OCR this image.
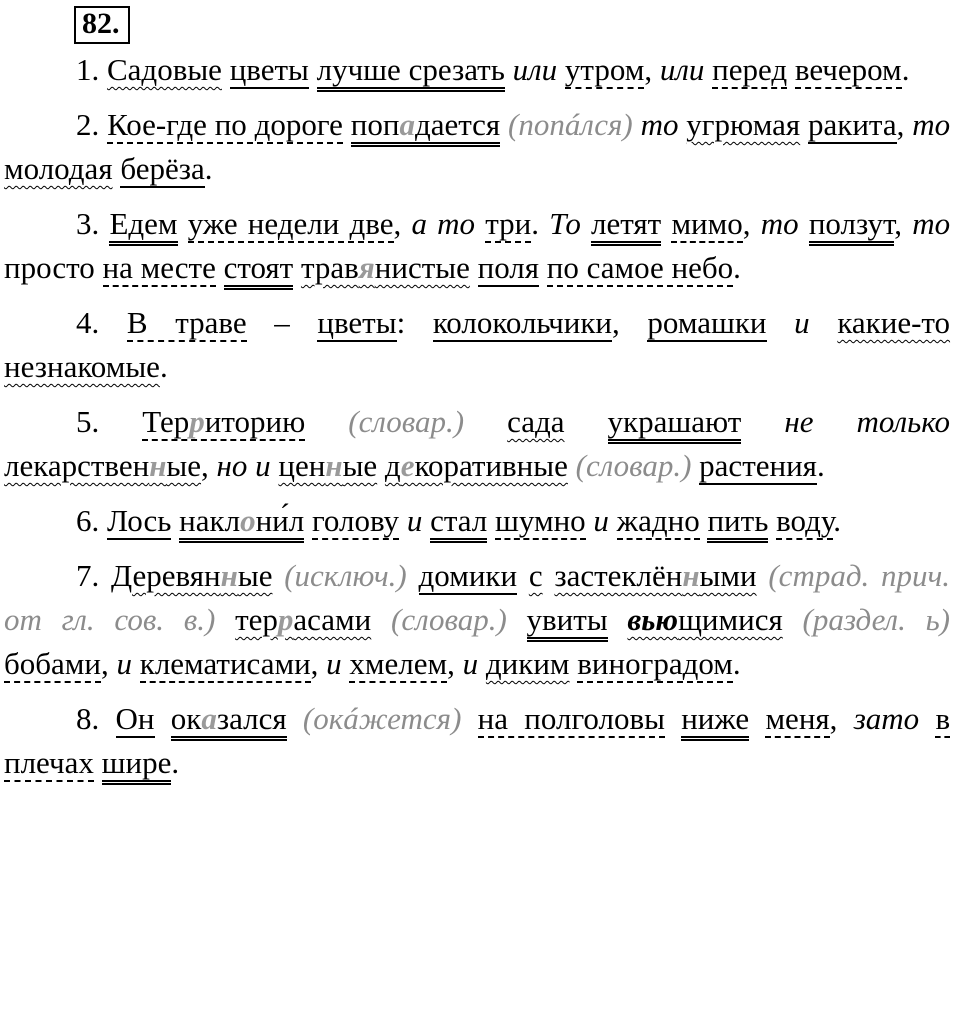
82.

1. Садовые цветы лучше срезать или утром, или перед вечером.

2. Кое-где по дороге попадается (попáлся) то угрюмая ракита, то молодая берёза.

3. Едем уже недели две, а то три. То летят мимо, то ползут, то просто на месте стоят травянистые поля по самое небо.

4. В траве – цветы: колокольчики, ромашки и какие-то незнакомые.

5. Территорию (словар.) сада украшают не только лекарственные, но и ценные декоративные (словар.) растения.

6. Лось наклони́л голову и стал шумно и жадно пить воду.

7. Деревянные (исключ.) домики с застеклёнными (страд. прич. от гл. сов. в.) террасами (словар.) увиты вьющимися (раздел. ь) бобами, и клематисами, и хмелем, и диким виноградом.

8. Он оказался (окáжется) на полголовы ниже меня, зато в плечах шире.
